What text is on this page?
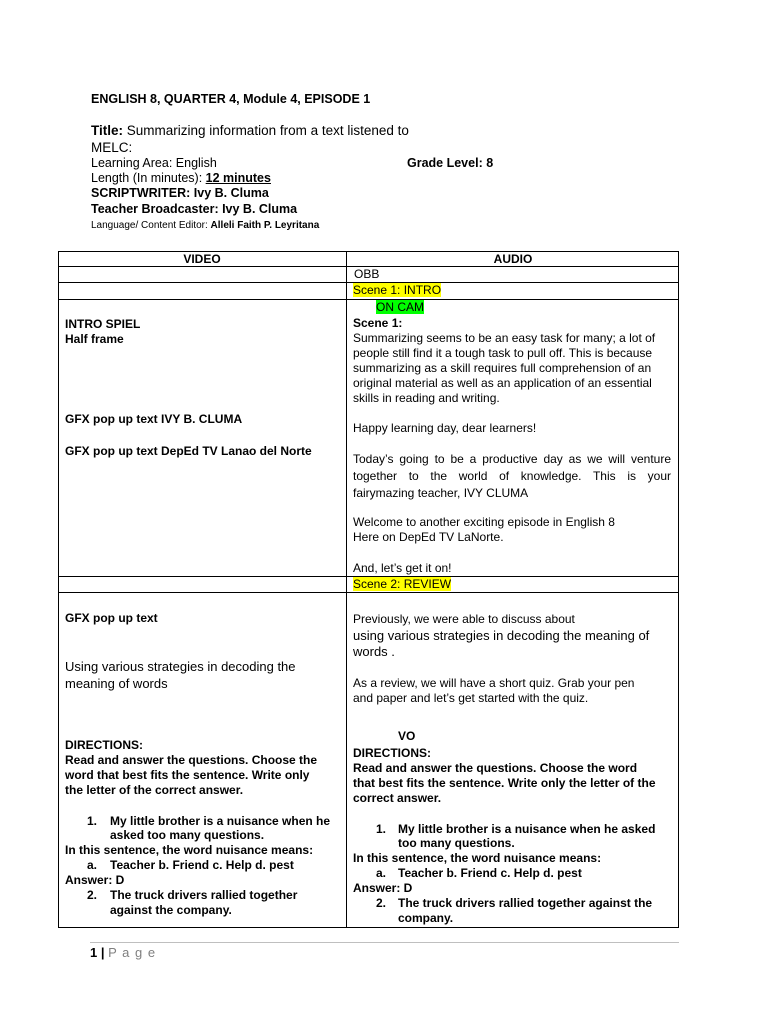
ENGLISH 8, QUARTER 4, Module 4, EPISODE 1
Title: Summarizing information from a text listened to
MELC:
Learning Area: English	Grade Level: 8
Length (In minutes): 12 minutes
SCRIPTWRITER: Ivy B. Cluma
Teacher Broadcaster: Ivy B. Cluma
Language/ Content Editor: Alleli Faith P. Leyritana
VIDEO	AUDIO
OBB
Scene 1: INTRO
ON CAM
INTRO SPIEL
Half frame
GFX pop up text IVY B. CLUMA
GFX pop up text DepEd TV Lanao del Norte
Scene 1:
Summarizing seems to be an easy task for many; a lot of
people still find it a tough task to pull off. This is because
summarizing as a skill requires full comprehension of an
original material as well as an application of an essential
skills in reading and writing.
Happy learning day, dear learners!
Today’s going to be a productive day as we will venture
together to the world of knowledge. This is your
fairymazing teacher, IVY CLUMA
Welcome to another exciting episode in English 8
Here on DepEd TV LaNorte.
And, let’s get it on!
Scene 2: REVIEW
GFX pop up text
Using various strategies in decoding the
meaning of words
DIRECTIONS:
Read and answer the questions. Choose the
word that best fits the sentence. Write only
the letter of the correct answer.
1. My little brother is a nuisance when he
asked too many questions.
In this sentence, the word nuisance means:
a. Teacher b. Friend c. Help d. pest
Answer: D
2. The truck drivers rallied together
against the company.
Previously, we were able to discuss about
using various strategies in decoding the meaning of
words .
As a review, we will have a short quiz. Grab your pen
and paper and let’s get started with the quiz.
VO
DIRECTIONS:
Read and answer the questions. Choose the word
that best fits the sentence. Write only the letter of the
correct answer.
1. My little brother is a nuisance when he asked
too many questions.
In this sentence, the word nuisance means:
a. Teacher b. Friend c. Help d. pest
Answer: D
2. The truck drivers rallied together against the
company.
1 | P a g e
